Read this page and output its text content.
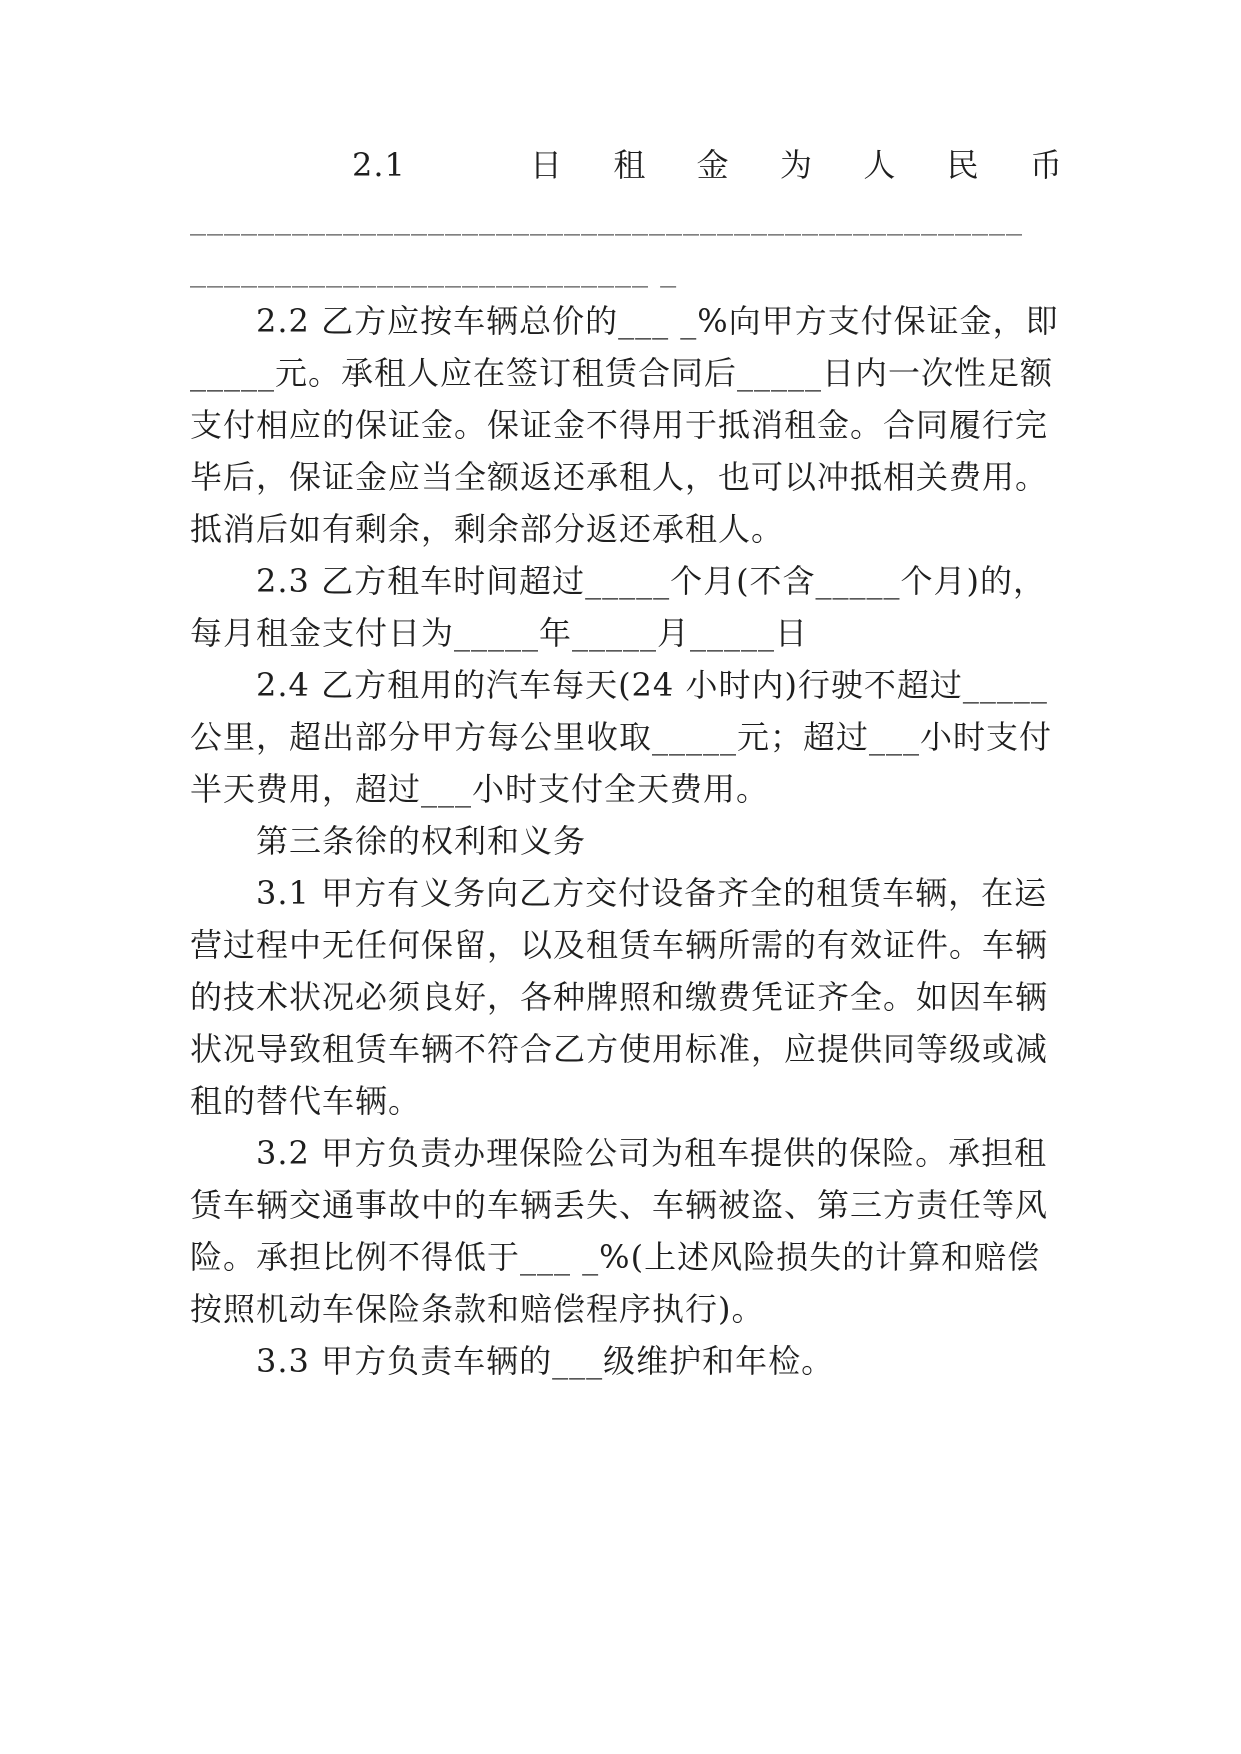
2.1	日租金为人民币
_________________________________________________
___________________________ _
2.2 乙方应按车辆总价的___ _%向甲方支付保证金，即
_____元。承租人应在签订租赁合同后_____日内一次性足额
支付相应的保证金。保证金不得用于抵消租金。合同履行完
毕后，保证金应当全额返还承租人，也可以冲抵相关费用。
抵消后如有剩余，剩余部分返还承租人。
2.3 乙方租车时间超过_____个月(不含_____个月)的，
每月租金支付日为_____年_____月_____日
2.4 乙方租用的汽车每天(24 小时内)行驶不超过_____
公里，超出部分甲方每公里收取_____元；超过___小时支付
半天费用，超过___小时支付全天费用。
第三条徐的权利和义务
3.1 甲方有义务向乙方交付设备齐全的租赁车辆，在运
营过程中无任何保留，以及租赁车辆所需的有效证件。车辆
的技术状况必须良好，各种牌照和缴费凭证齐全。如因车辆
状况导致租赁车辆不符合乙方使用标准，应提供同等级或减
租的替代车辆。
3.2 甲方负责办理保险公司为租车提供的保险。承担租
赁车辆交通事故中的车辆丢失、车辆被盗、第三方责任等风
险。承担比例不得低于___ _%(上述风险损失的计算和赔偿
按照机动车保险条款和赔偿程序执行)。
3.3 甲方负责车辆的___级维护和年检。
